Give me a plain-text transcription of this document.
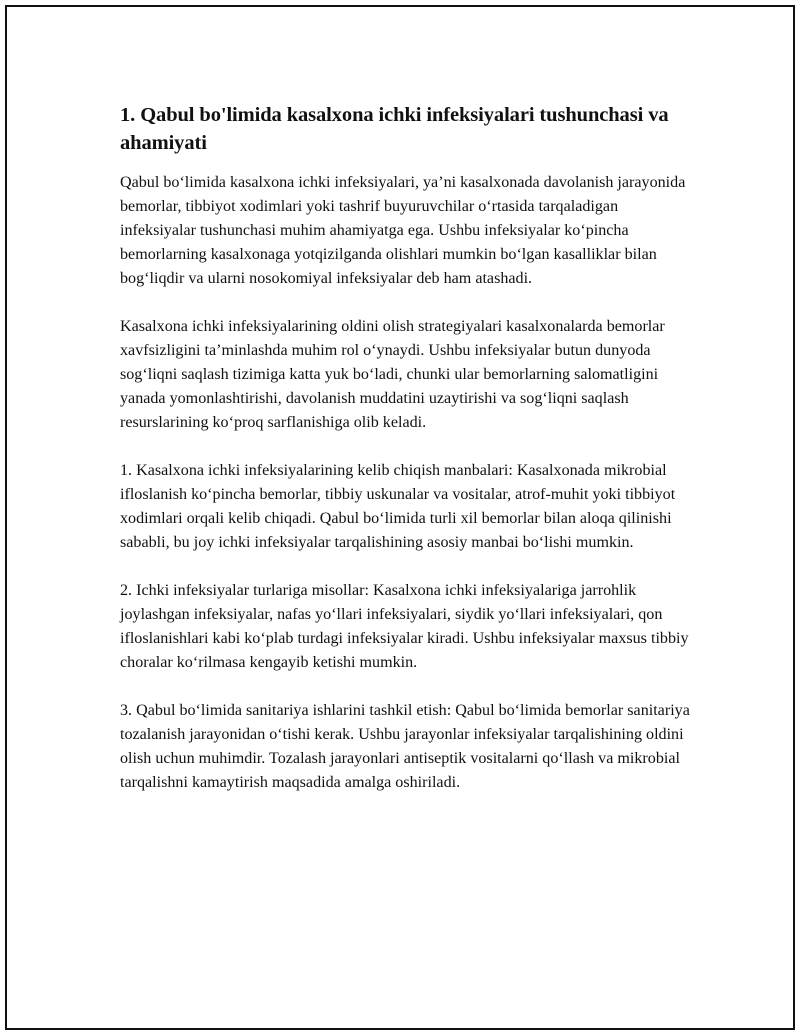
1. Qabul bo'limida kasalxona ichki infeksiyalari tushunchasi va ahamiyati

Qabul bo‘limida kasalxona ichki infeksiyalari, ya’ni kasalxonada davolanish jarayonida bemorlar, tibbiyot xodimlari yoki tashrif buyuruvchilar o‘rtasida tarqaladigan infeksiyalar tushunchasi muhim ahamiyatga ega. Ushbu infeksiyalar ko‘pincha bemorlarning kasalxonaga yotqizilganda olishlari mumkin bo‘lgan kasalliklar bilan bog‘liqdir va ularni nosokomiyal infeksiyalar deb ham atashadi.

Kasalxona ichki infeksiyalarining oldini olish strategiyalari kasalxonalarda bemorlar xavfsizligini ta’minlashda muhim rol o‘ynaydi. Ushbu infeksiyalar butun dunyoda sog‘liqni saqlash tizimiga katta yuk bo‘ladi, chunki ular bemorlarning salomatligini yanada yomonlashtirishi, davolanish muddatini uzaytirishi va sog‘liqni saqlash resurslarining ko‘proq sarflanishiga olib keladi.

1. Kasalxona ichki infeksiyalarining kelib chiqish manbalari: Kasalxonada mikrobial ifloslanish ko‘pincha bemorlar, tibbiy uskunalar va vositalar, atrof-muhit yoki tibbiyot xodimlari orqali kelib chiqadi. Qabul bo‘limida turli xil bemorlar bilan aloqa qilinishi sababli, bu joy ichki infeksiyalar tarqalishining asosiy manbai bo‘lishi mumkin.

2. Ichki infeksiyalar turlariga misollar: Kasalxona ichki infeksiyalariga jarrohlik joylashgan infeksiyalar, nafas yo‘llari infeksiyalari, siydik yo‘llari infeksiyalari, qon ifloslanishlari kabi ko‘plab turdagi infeksiyalar kiradi. Ushbu infeksiyalar maxsus tibbiy choralar ko‘rilmasa kengayib ketishi mumkin.

3. Qabul bo‘limida sanitariya ishlarini tashkil etish: Qabul bo‘limida bemorlar sanitariya tozalanish jarayonidan o‘tishi kerak. Ushbu jarayonlar infeksiyalar tarqalishining oldini olish uchun muhimdir. Tozalash jarayonlari antiseptik vositalarni qo‘llash va mikrobial tarqalishni kamaytirish maqsadida amalga oshiriladi.
